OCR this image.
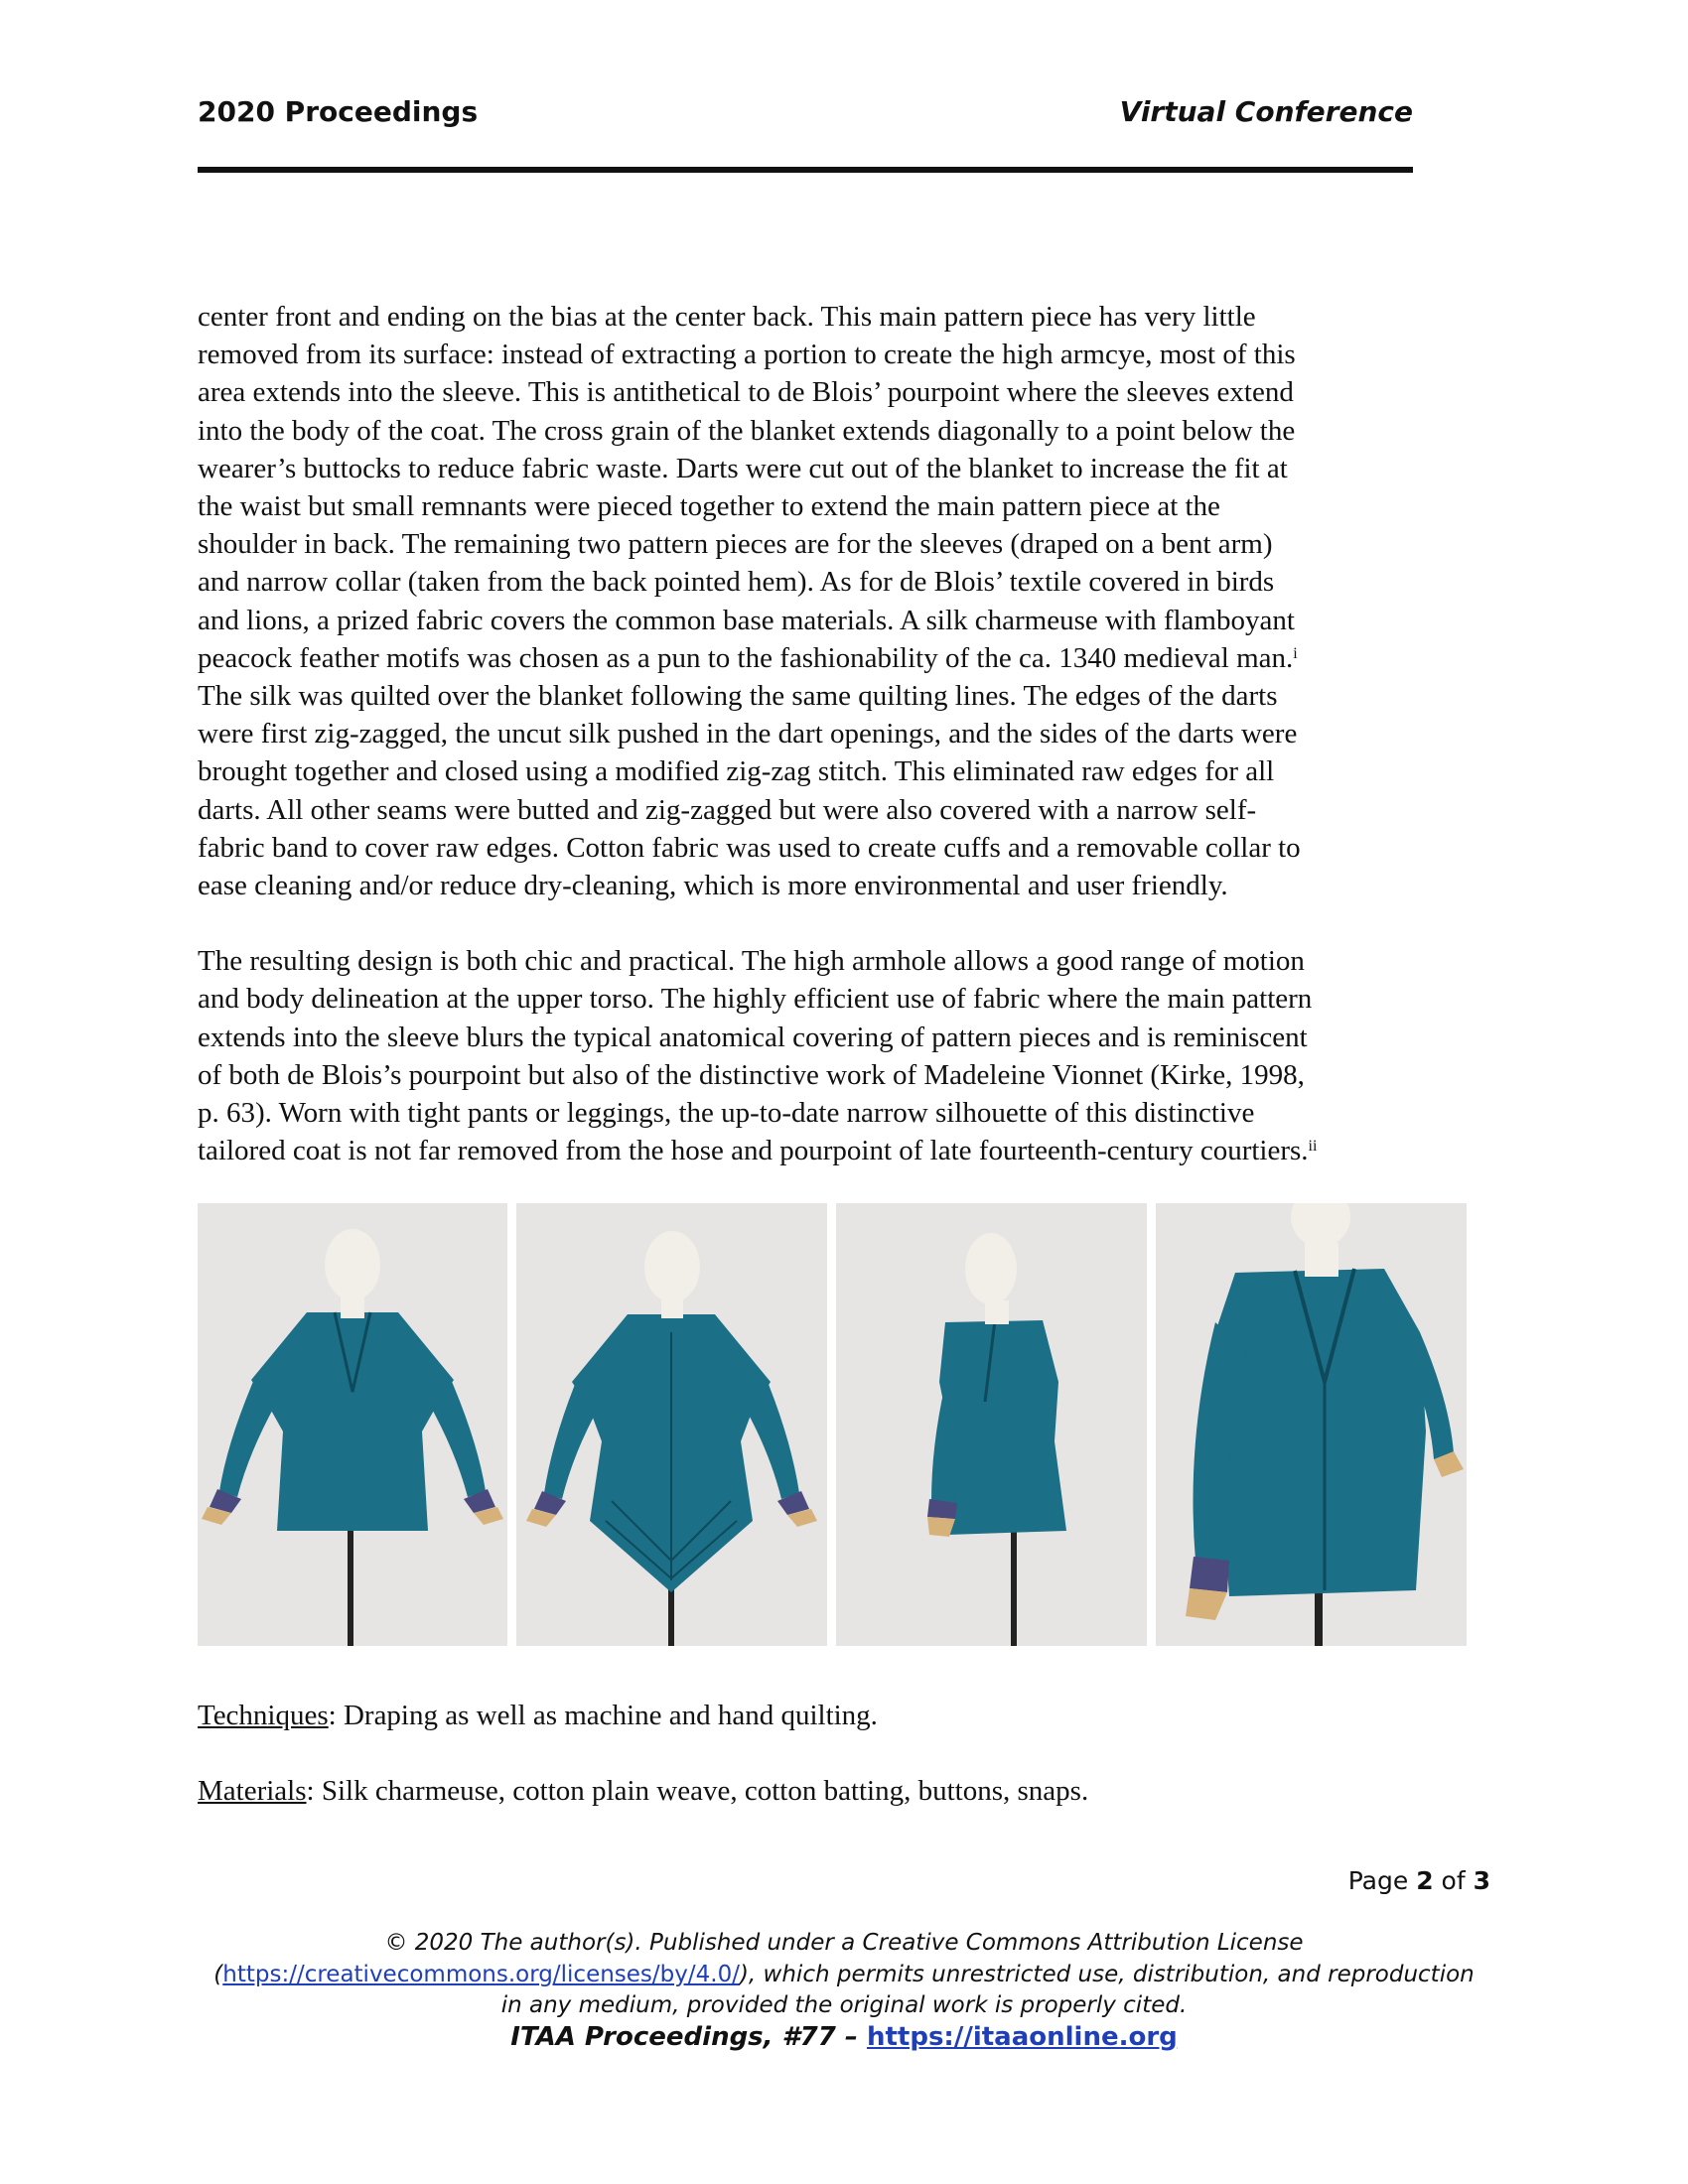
2020 Proceedings	Virtual Conference

center front and ending on the bias at the center back. This main pattern piece has very little
removed from its surface: instead of extracting a portion to create the high armcye, most of this
area extends into the sleeve. This is antithetical to de Blois’ pourpoint where the sleeves extend
into the body of the coat. The cross grain of the blanket extends diagonally to a point below the
wearer’s buttocks to reduce fabric waste. Darts were cut out of the blanket to increase the fit at
the waist but small remnants were pieced together to extend the main pattern piece at the
shoulder in back. The remaining two pattern pieces are for the sleeves (draped on a bent arm)
and narrow collar (taken from the back pointed hem). As for de Blois’ textile covered in birds
and lions, a prized fabric covers the common base materials. A silk charmeuse with flamboyant
peacock feather motifs was chosen as a pun to the fashionability of the ca. 1340 medieval man.$^i$
The silk was quilted over the blanket following the same quilting lines. The edges of the darts
were first zig-zagged, the uncut silk pushed in the dart openings, and the sides of the darts were
brought together and closed using a modified zig-zag stitch. This eliminated raw edges for all
darts. All other seams were butted and zig-zagged but were also covered with a narrow self-
fabric band to cover raw edges. Cotton fabric was used to create cuffs and a removable collar to
ease cleaning and/or reduce dry-cleaning, which is more environmental and user friendly.

The resulting design is both chic and practical. The high armhole allows a good range of motion
and body delineation at the upper torso. The highly efficient use of fabric where the main pattern
extends into the sleeve blurs the typical anatomical covering of pattern pieces and is reminiscent
of both de Blois’s pourpoint but also of the distinctive work of Madeleine Vionnet (Kirke, 1998,
p. 63). Worn with tight pants or leggings, the up-to-date narrow silhouette of this distinctive
tailored coat is not far removed from the hose and pourpoint of late fourteenth-century courtiers.$^{ii}$

Techniques: Draping as well as machine and hand quilting.
Materials: Silk charmeuse, cotton plain weave, cotton batting, buttons, snaps.
Page 2 of 3
© 2020 The author(s). Published under a Creative Commons Attribution License
(https://creativecommons.org/licenses/by/4.0/), which permits unrestricted use, distribution, and reproduction
in any medium, provided the original work is properly cited.
ITAA Proceedings, #77 – https://itaaonline.org
